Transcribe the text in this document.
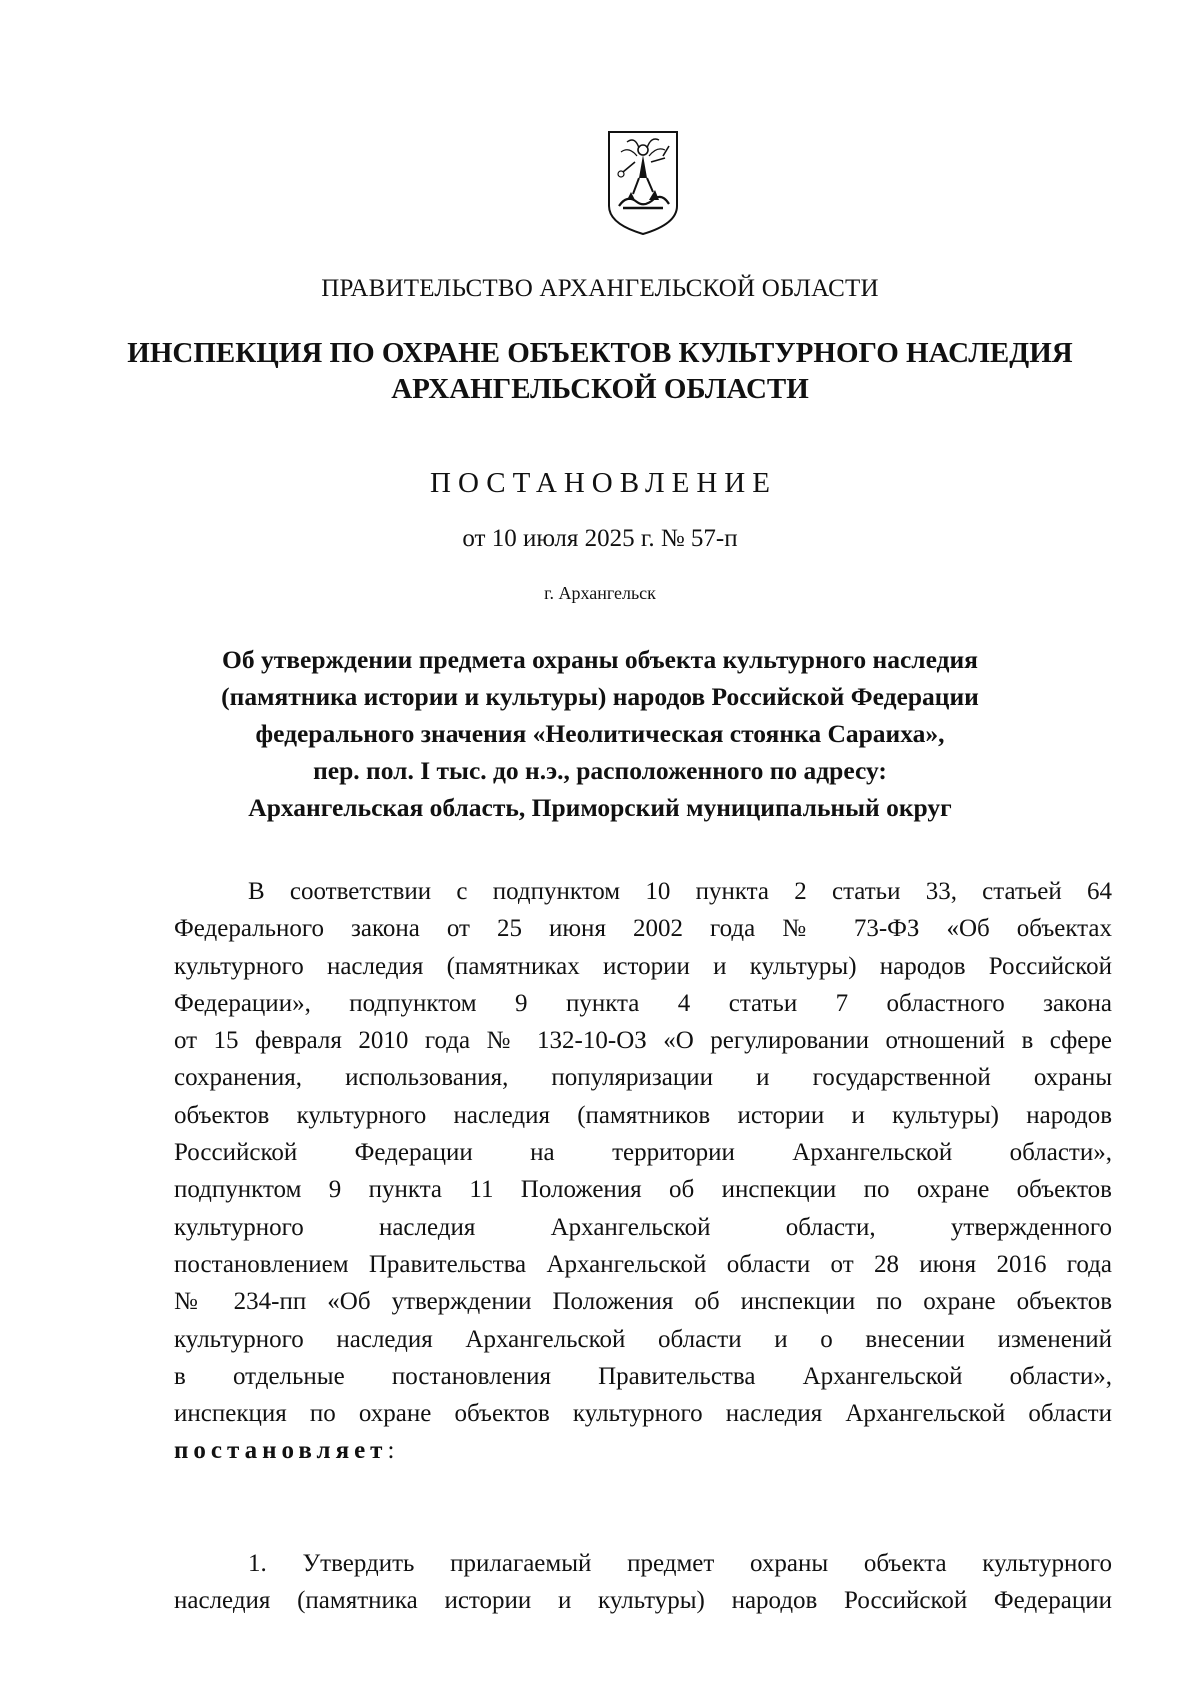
ПРАВИТЕЛЬСТВО АРХАНГЕЛЬСКОЙ ОБЛАСТИ
ИНСПЕКЦИЯ ПО ОХРАНЕ ОБЪЕКТОВ КУЛЬТУРНОГО НАСЛЕДИЯ
АРХАНГЕЛЬСКОЙ ОБЛАСТИ
ПОСТАНОВЛЕНИЕ
от 10 июля 2025 г. № 57-п
г. Архангельск
Об утверждении предмета охраны объекта культурного наследия
(памятника истории и культуры) народов Российской Федерации
федерального значения «Неолитическая стоянка Сараиха»,
пер. пол. I тыс. до н.э., расположенного по адресу:
Архангельская область, Приморский муниципальный округ
В соответствии с подпунктом 10 пункта 2 статьи 33, статьей 64
Федерального закона от 25 июня 2002 года № 73-ФЗ «Об объектах
культурного наследия (памятниках истории и культуры) народов Российской
Федерации», подпунктом 9 пункта 4 статьи 7 областного закона
от 15 февраля 2010 года № 132-10-ОЗ «О регулировании отношений в сфере
сохранения, использования, популяризации и государственной охраны
объектов культурного наследия (памятников истории и культуры) народов
Российской Федерации на территории Архангельской области»,
подпунктом 9 пункта 11 Положения об инспекции по охране объектов
культурного наследия Архангельской области, утвержденного
постановлением Правительства Архангельской области от 28 июня 2016 года
№ 234-пп «Об утверждении Положения об инспекции по охране объектов
культурного наследия Архангельской области и о внесении изменений
в отдельные постановления Правительства Архангельской области»,
инспекция по охране объектов культурного наследия Архангельской области
постановляет:
1. Утвердить прилагаемый предмет охраны объекта культурного
наследия (памятника истории и культуры) народов Российской Федерации
